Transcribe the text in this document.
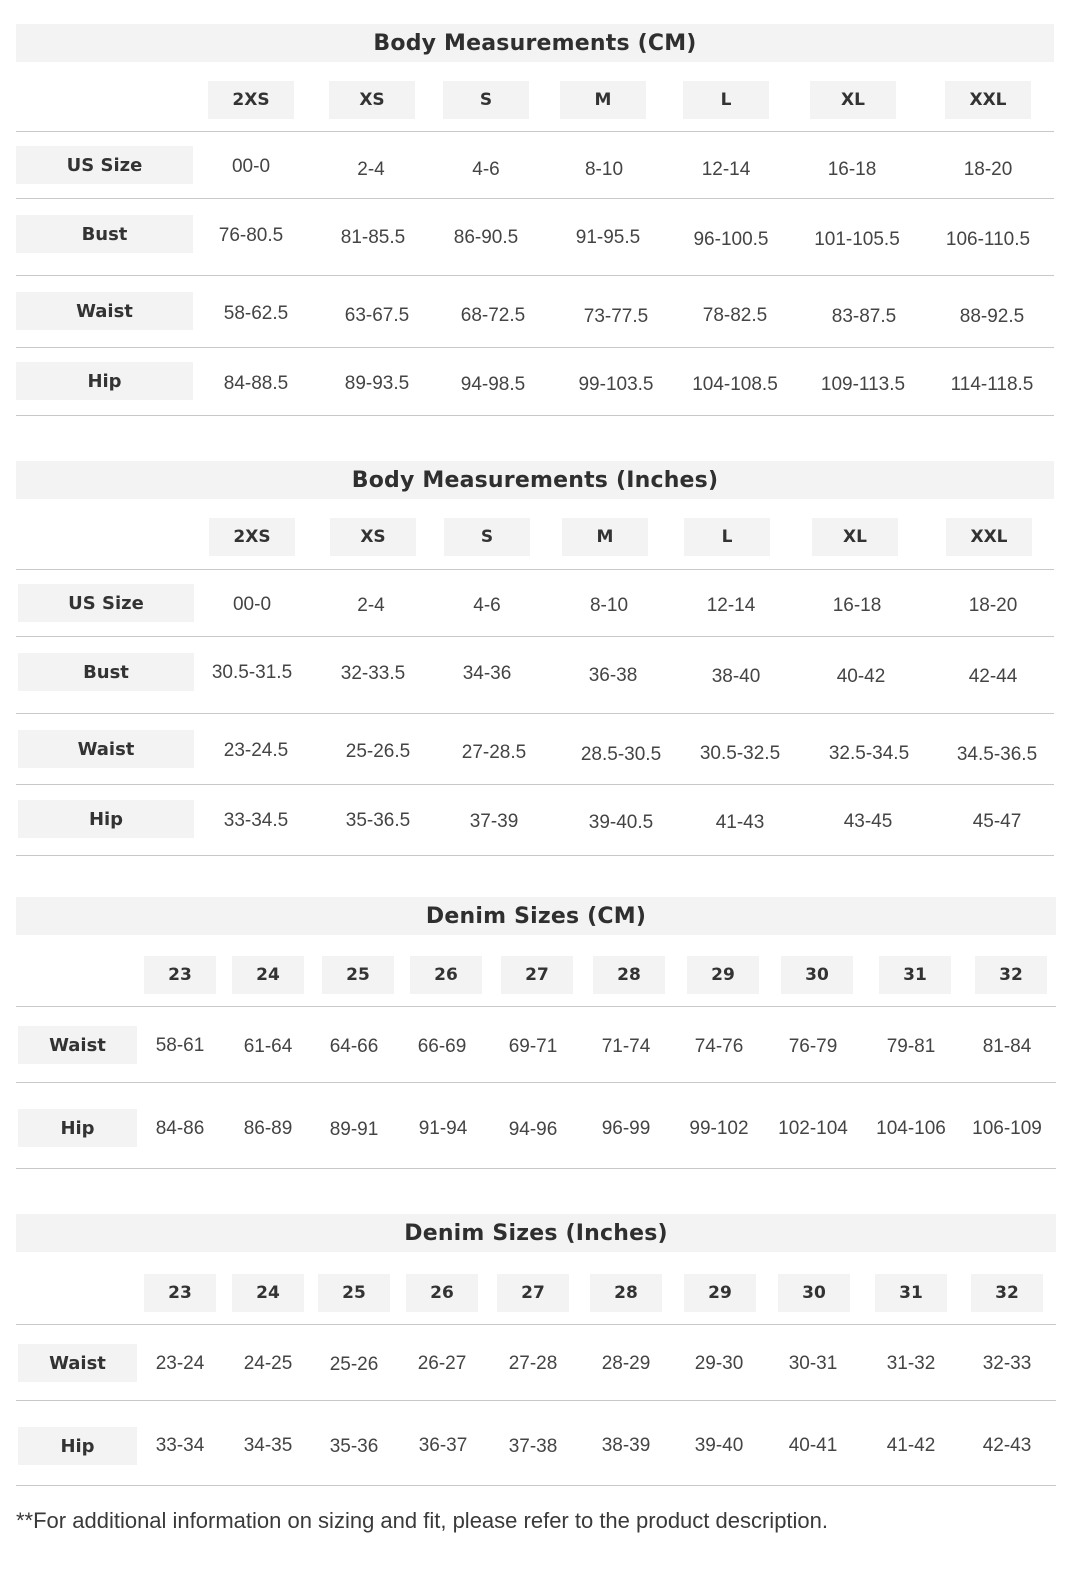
Body Measurements (CM)
2XS	XS	S	M	L	XL	XXL
US Size	00-0	2-4	4-6	8-10	12-14	16-18	18-20
Bust	76-80.5	81-85.5	86-90.5	91-95.5	96-100.5	101-105.5	106-110.5
Waist	58-62.5	63-67.5	68-72.5	73-77.5	78-82.5	83-87.5	88-92.5
Hip	84-88.5	89-93.5	94-98.5	99-103.5	104-108.5	109-113.5	114-118.5
Body Measurements (Inches)
2XS	XS	S	M	L	XL	XXL
US Size	00-0	2-4	4-6	8-10	12-14	16-18	18-20
Bust	30.5-31.5	32-33.5	34-36	36-38	38-40	40-42	42-44
Waist	23-24.5	25-26.5	27-28.5	28.5-30.5	30.5-32.5	32.5-34.5	34.5-36.5
Hip	33-34.5	35-36.5	37-39	39-40.5	41-43	43-45	45-47
Denim Sizes (CM)
23	24	25	26	27	28	29	30	31	32
Waist	58-61	61-64	64-66	66-69	69-71	71-74	74-76	76-79	79-81	81-84
Hip	84-86	86-89	89-91	91-94	94-96	96-99	99-102	102-104	104-106	106-109
Denim Sizes (Inches)
23	24	25	26	27	28	29	30	31	32
Waist	23-24	24-25	25-26	26-27	27-28	28-29	29-30	30-31	31-32	32-33
Hip	33-34	34-35	35-36	36-37	37-38	38-39	39-40	40-41	41-42	42-43
**For additional information on sizing and fit, please refer to the product description.
